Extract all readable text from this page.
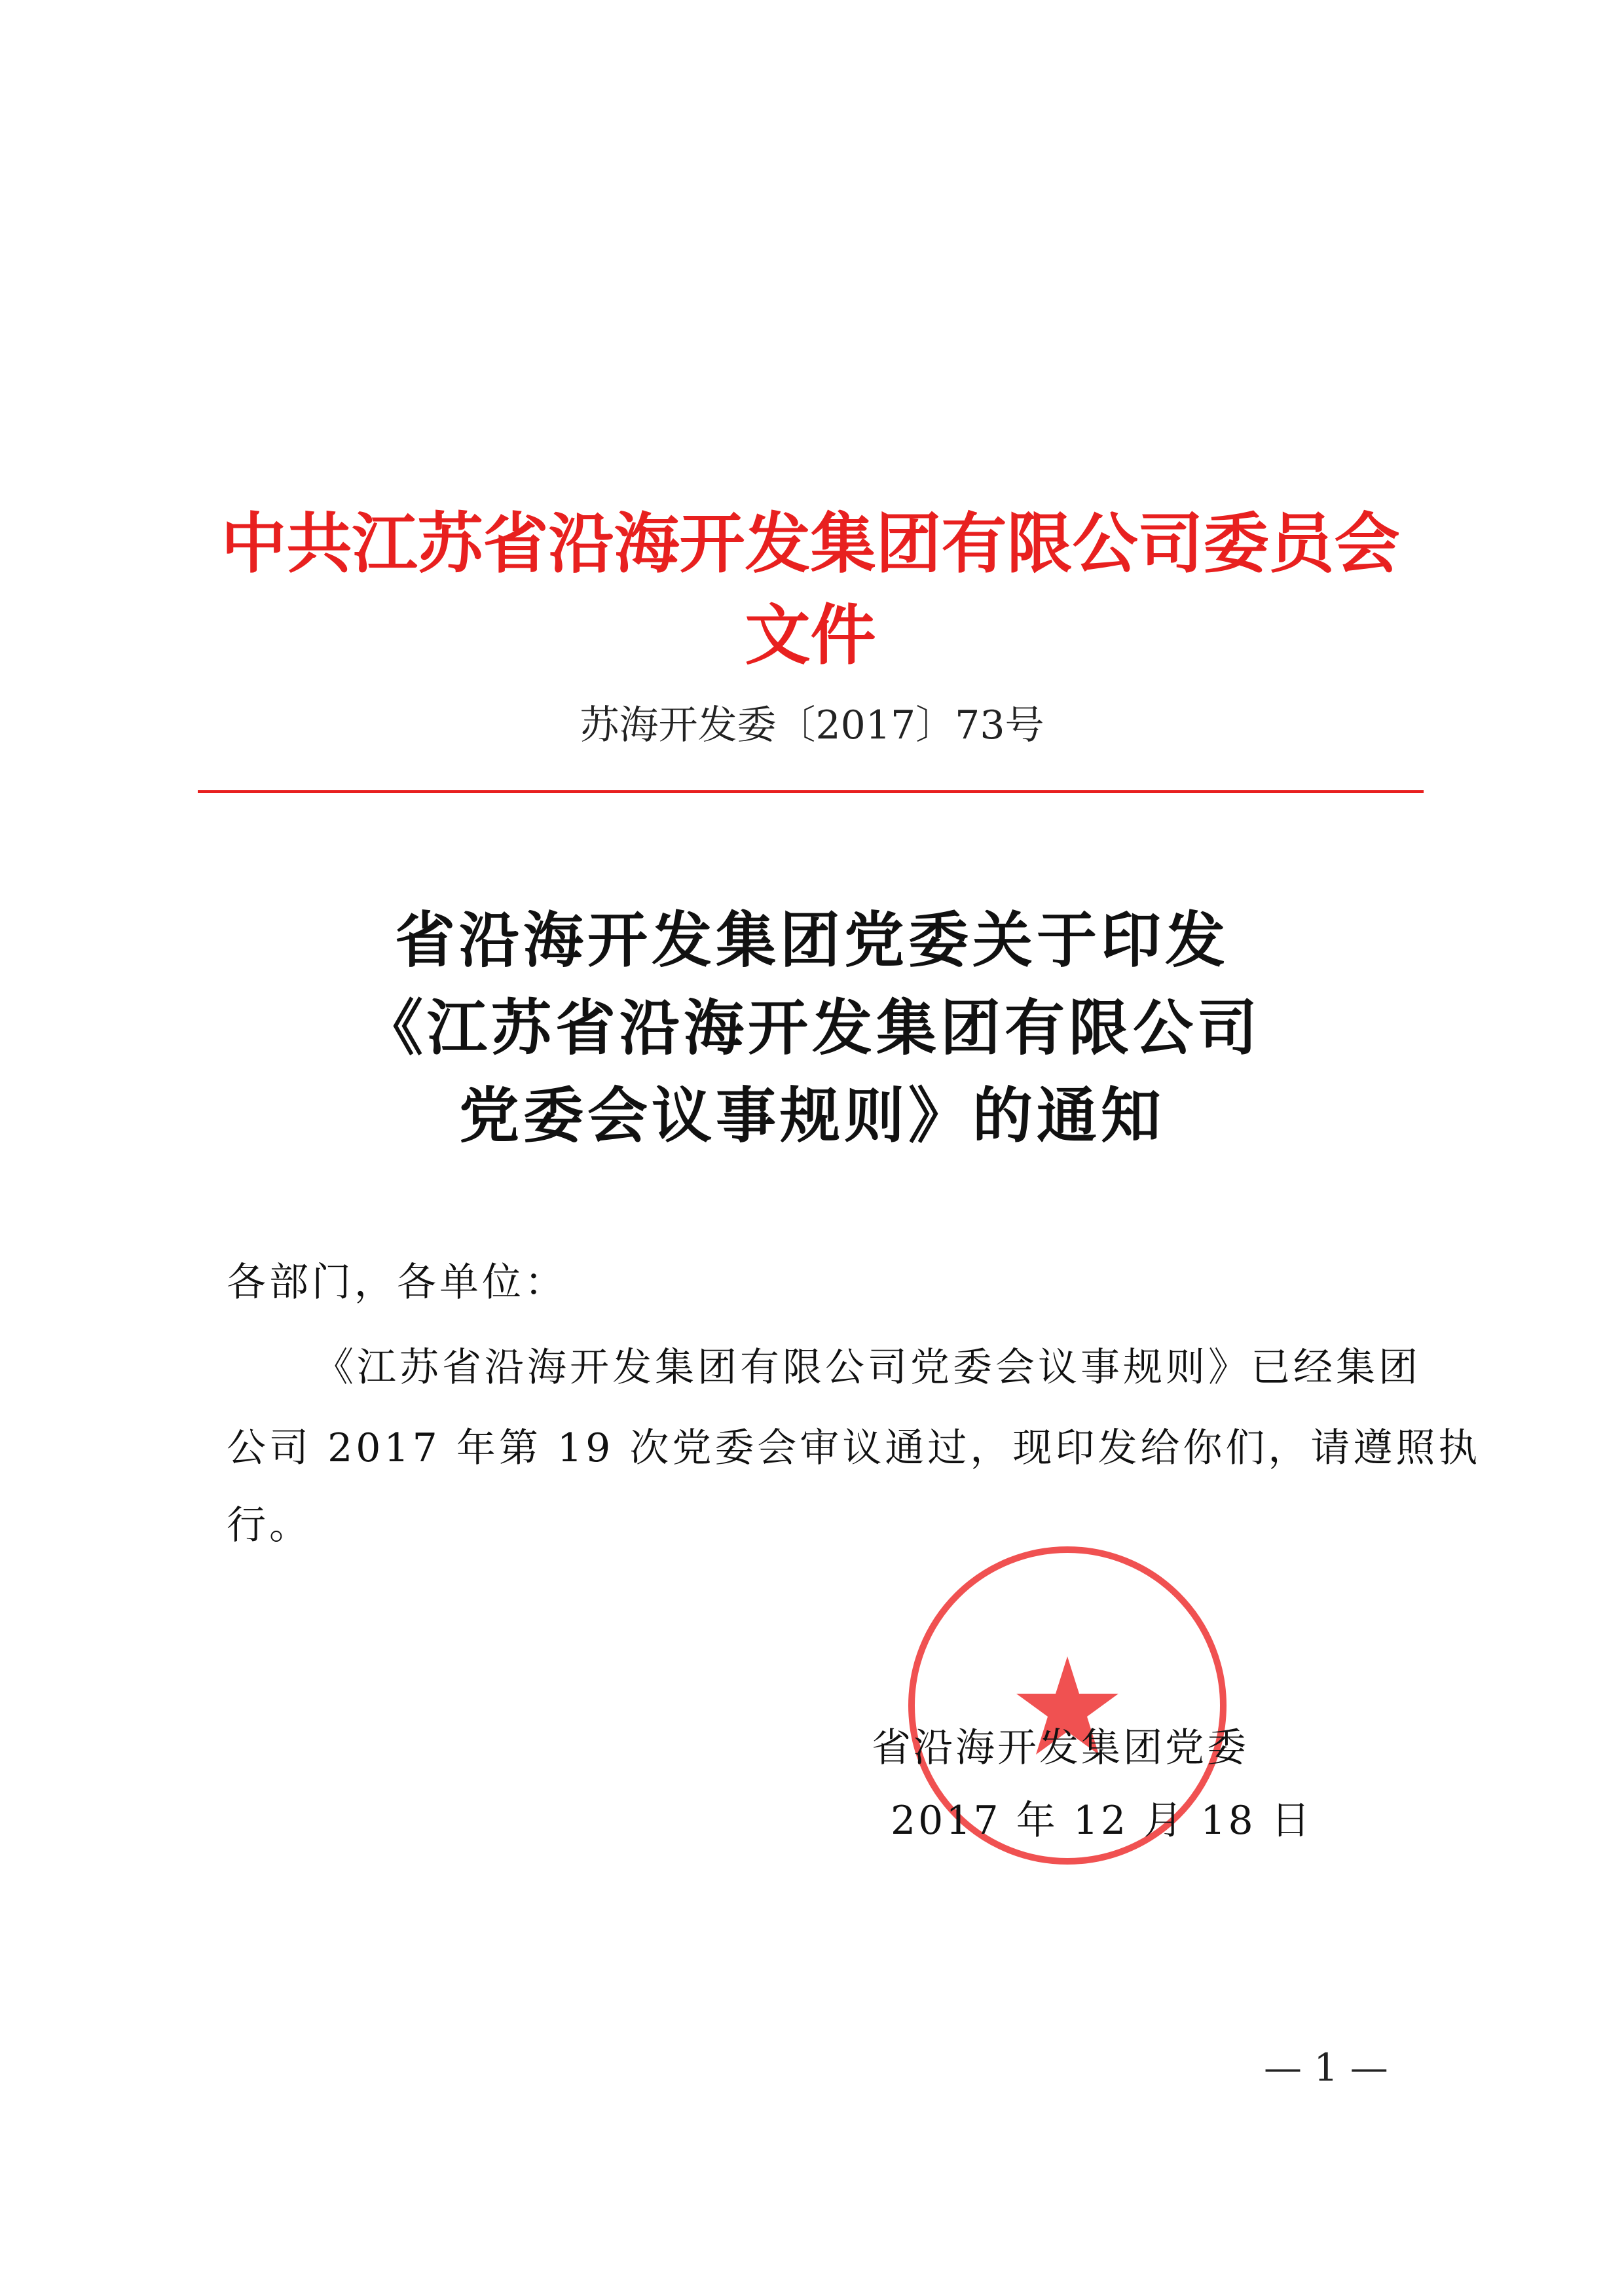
中共江苏省沿海开发集团有限公司委员会文件
苏海开发委〔2017〕73号
省沿海开发集团党委关于印发
《江苏省沿海开发集团有限公司
党委会议事规则》的通知
各部门，各单位：
《江苏省沿海开发集团有限公司党委会议事规则》已经集团
公司 2017 年第 19 次党委会审议通过，现印发给你们，请遵照执
行。
省沿海开发集团党委
2017 年 12 月 18 日
— 1 —
